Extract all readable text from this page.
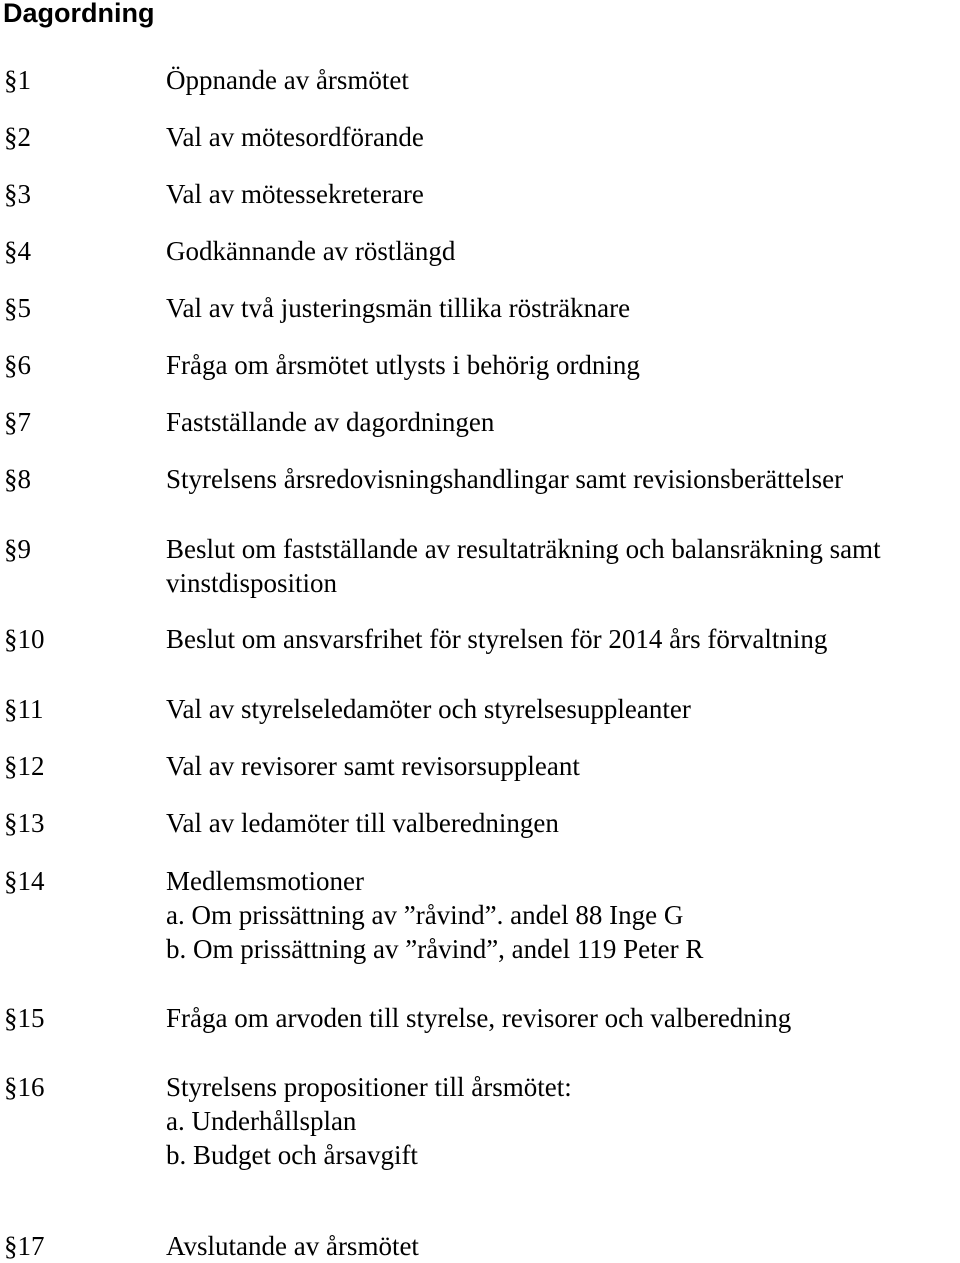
Dagordning
§1	Öppnande av årsmötet
§2	Val av mötesordförande
§3	Val av mötessekreterare
§4	Godkännande av röstlängd
§5	Val av två justeringsmän tillika rösträknare
§6	Fråga om årsmötet utlysts i behörig ordning
§7	Fastställande av dagordningen
§8	Styrelsens årsredovisningshandlingar samt revisionsberättelser
§9	Beslut om fastställande av resultaträkning och balansräkning samt
vinstdisposition
§10	Beslut om ansvarsfrihet för styrelsen för 2014 års förvaltning
§11	Val av styrelseledamöter och styrelsesuppleanter
§12	Val av revisorer samt revisorsuppleant
§13	Val av ledamöter till valberedningen
§14	Medlemsmotioner
a. Om prissättning av ”råvind”. andel 88 Inge G
b. Om prissättning av ”råvind”, andel 119 Peter R
§15	Fråga om arvoden till styrelse, revisorer och valberedning
§16	Styrelsens propositioner till årsmötet:
a. Underhållsplan
b. Budget och årsavgift
§17	Avslutande av årsmötet
